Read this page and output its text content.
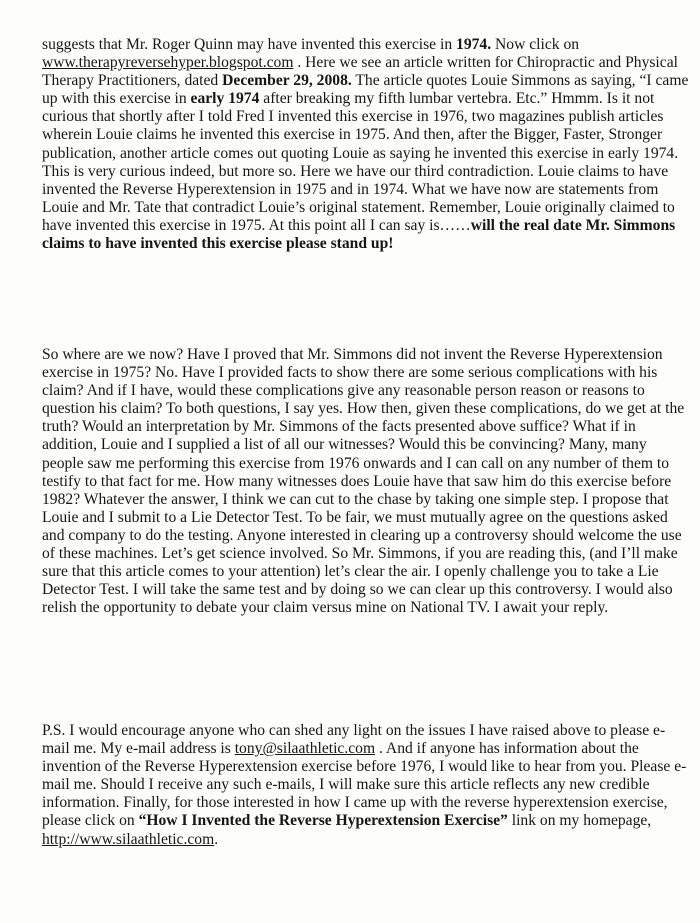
suggests that Mr. Roger Quinn may have invented this exercise in 1974. Now click on www.therapyreversehyper.blogspot.com . Here we see an article written for Chiropractic and Physical Therapy Practitioners, dated December 29, 2008. The article quotes Louie Simmons as saying, “I came up with this exercise in early 1974 after breaking my fifth lumbar vertebra. Etc.” Hmmm. Is it not curious that shortly after I told Fred I invented this exercise in 1976, two magazines publish articles wherein Louie claims he invented this exercise in 1975. And then, after the Bigger, Faster, Stronger publication, another article comes out quoting Louie as saying he invented this exercise in early 1974. This is very curious indeed, but more so. Here we have our third contradiction. Louie claims to have invented the Reverse Hyperextension in 1975 and in 1974. What we have now are statements from Louie and Mr. Tate that contradict Louie’s original statement. Remember, Louie originally claimed to have invented this exercise in 1975. At this point all I can say is……will the real date Mr. Simmons claims to have invented this exercise please stand up!

So where are we now? Have I proved that Mr. Simmons did not invent the Reverse Hyperextension exercise in 1975? No. Have I provided facts to show there are some serious complications with his claim? And if I have, would these complications give any reasonable person reason or reasons to question his claim? To both questions, I say yes. How then, given these complications, do we get at the truth? Would an interpretation by Mr. Simmons of the facts presented above suffice? What if in addition, Louie and I supplied a list of all our witnesses? Would this be convincing? Many, many people saw me performing this exercise from 1976 onwards and I can call on any number of them to testify to that fact for me. How many witnesses does Louie have that saw him do this exercise before 1982? Whatever the answer, I think we can cut to the chase by taking one simple step. I propose that Louie and I submit to a Lie Detector Test. To be fair, we must mutually agree on the questions asked and company to do the testing. Anyone interested in clearing up a controversy should welcome the use of these machines. Let’s get science involved. So Mr. Simmons, if you are reading this, (and I’ll make sure that this article comes to your attention) let’s clear the air. I openly challenge you to take a Lie Detector Test. I will take the same test and by doing so we can clear up this controversy. I would also relish the opportunity to debate your claim versus mine on National TV. I await your reply.

P.S. I would encourage anyone who can shed any light on the issues I have raised above to please e-mail me. My e-mail address is tony@silaathletic.com . And if anyone has information about the invention of the Reverse Hyperextension exercise before 1976, I would like to hear from you. Please e-mail me. Should I receive any such e-mails, I will make sure this article reflects any new credible information. Finally, for those interested in how I came up with the reverse hyperextension exercise, please click on “How I Invented the Reverse Hyperextension Exercise” link on my homepage, http://www.silaathletic.com.
